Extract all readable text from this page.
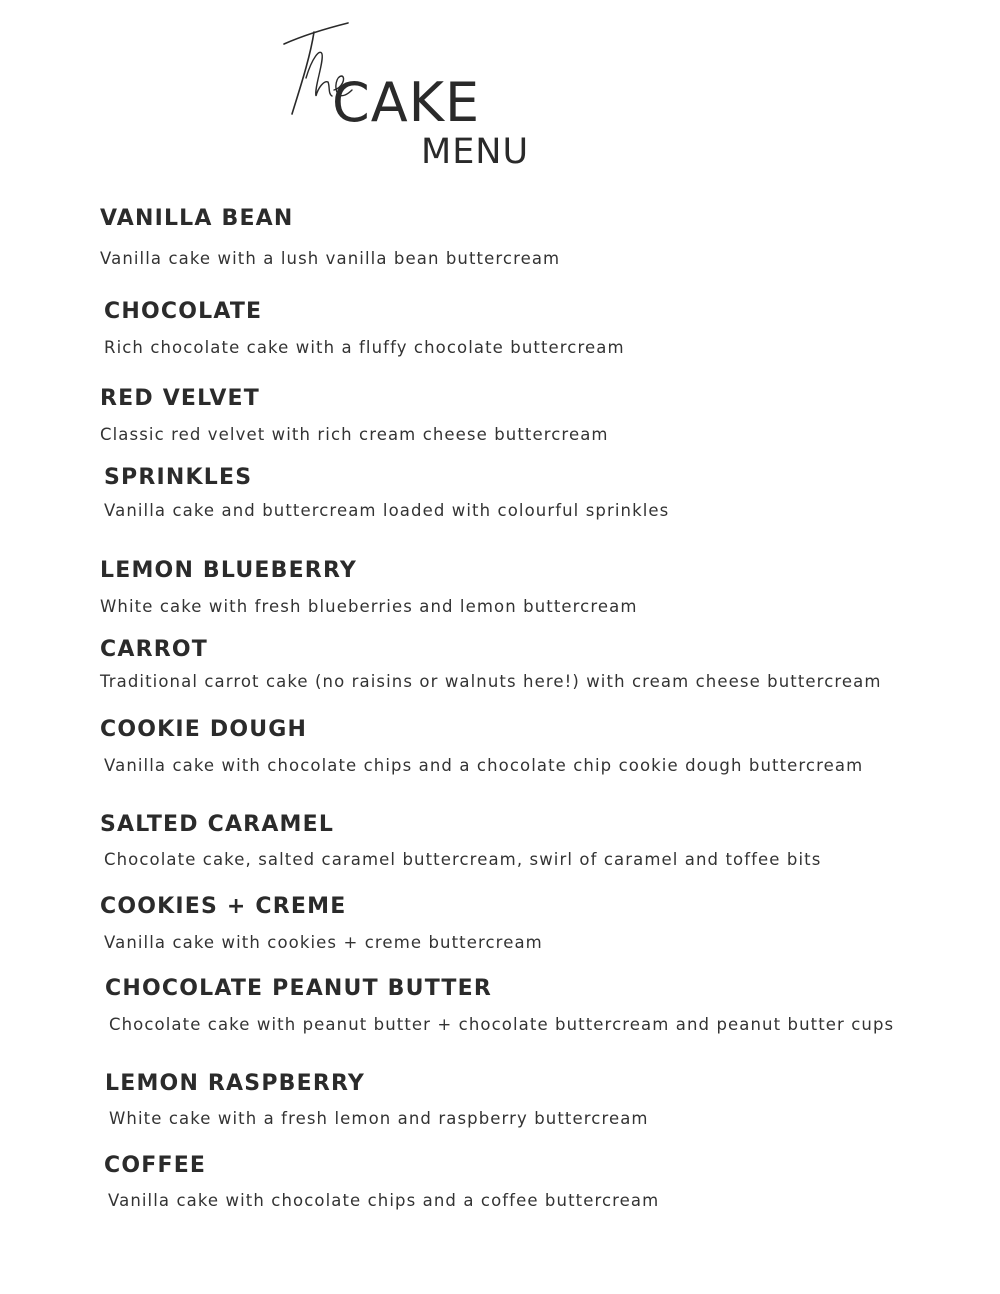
CAKE
MENU
VANILLA BEAN

Vanilla cake with a lush vanilla bean buttercream

CHOCOLATE

Rich chocolate cake with a fluffy chocolate buttercream

RED VELVET

Classic red velvet with rich cream cheese buttercream

SPRINKLES

Vanilla cake and buttercream loaded with colourful sprinkles

LEMON BLUEBERRY

White cake with fresh blueberries and lemon buttercream

CARROT

Traditional carrot cake (no raisins or walnuts here!) with cream cheese buttercream

COOKIE DOUGH

Vanilla cake with chocolate chips and a chocolate chip cookie dough buttercream

SALTED CARAMEL

Chocolate cake, salted caramel buttercream, swirl of caramel and toffee bits

COOKIES + CREME

Vanilla cake with cookies + creme buttercream

CHOCOLATE PEANUT BUTTER

Chocolate cake with peanut butter + chocolate buttercream and peanut butter cups

LEMON RASPBERRY

White cake with a fresh lemon and raspberry buttercream

COFFEE

Vanilla cake with chocolate chips and a coffee buttercream
